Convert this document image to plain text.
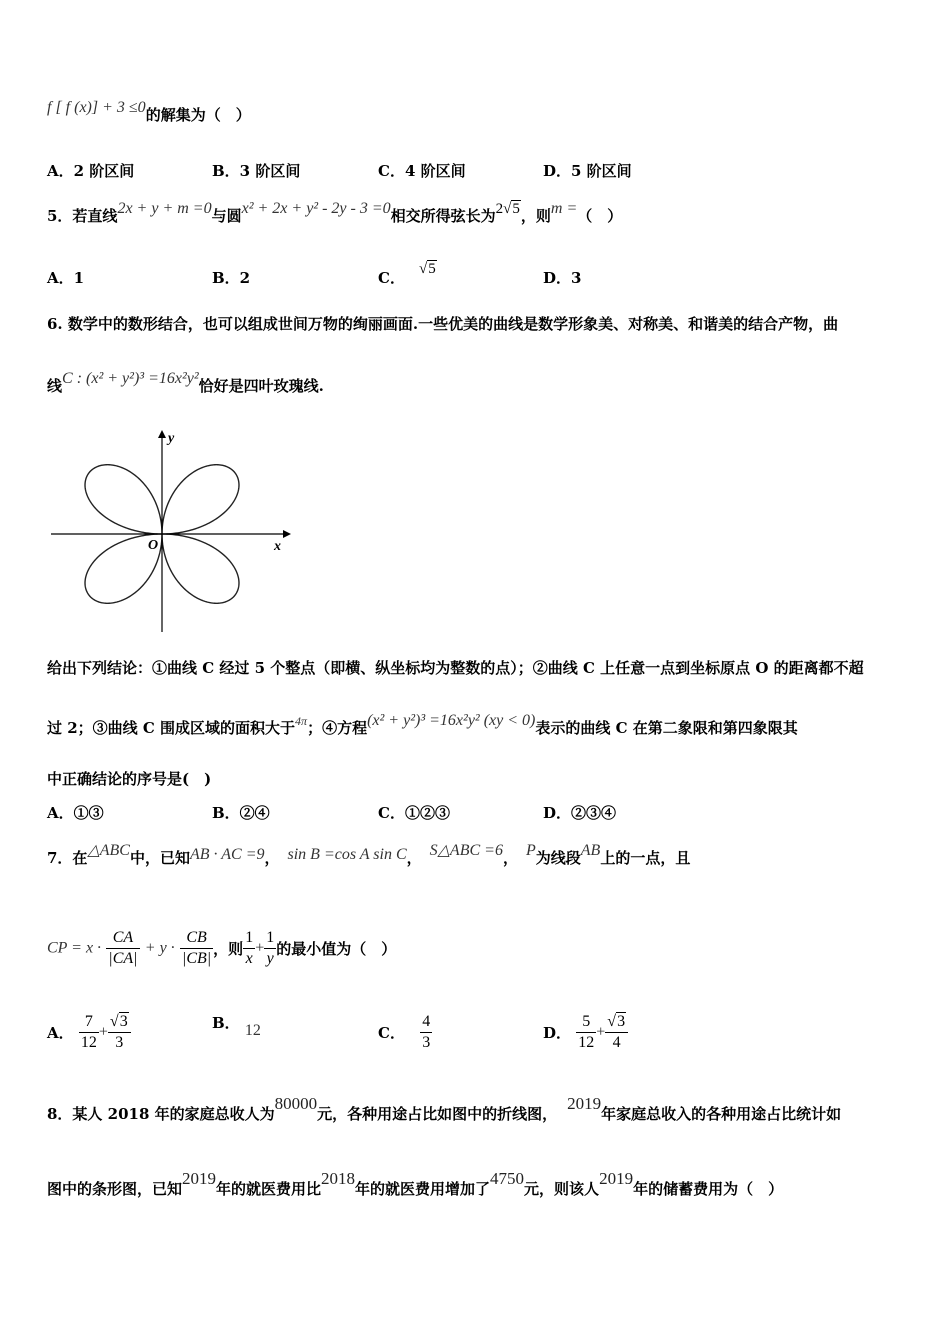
f [ f (x)] + 3 ≤0的解集为（　）
A．2 阶区间	B．3 阶区间	C．4 阶区间	D．5 阶区间
5．若直线2x + y + m =0与圆x² + 2x + y² - 2y - 3 =0相交所得弦长为2√5，则m =（　）
A．1	B．2	C． √5	D．3
6. 数学中的数形结合，也可以组成世间万物的绚丽画面.一些优美的曲线是数学形象美、对称美、和谐美的结合产物，曲
线C : (x² + y²)³ =16x²y²恰好是四叶玫瑰线.
x
y
O
给出下列结论：①曲线 C 经过 5 个整点（即横、纵坐标均为整数的点）；②曲线 C 上任意一点到坐标原点 O 的距离都不超
过 2；③曲线 C 围成区域的面积大于$^{4\pi}$；④方程(x² + y²)³ =16x²y² (xy < 0)表示的曲线 C 在第二象限和第四象限其
中正确结论的序号是(　)
A．①③	B．②④	C．①②③	D．②③④
7．在△ABC中，已知AB · AC =9， sin B =cos A sin C， S△ABC =6， P为线段AB上的一点，且
CP = $x \cdot \frac{CA}{|CA|} + y \cdot \frac{CB}{|CB|}$ ，则 $\frac{1}{x} + \frac{1}{y}$ 的最小值为（　）
A． $\frac{7}{12} + \frac{√3}{3}$	B． 12	C． $\frac{4}{3}$	D． $\frac{5}{12} + \frac{√3}{4}$
8．某人 2018 年的家庭总收人为80000元，各种用途占比如图中的折线图，2019年家庭总收入的各种用途占比统计如
图中的条形图，已知2019年的就医费用比2018年的就医费用增加了4750元，则该人2019年的储蓄费用为（　）
